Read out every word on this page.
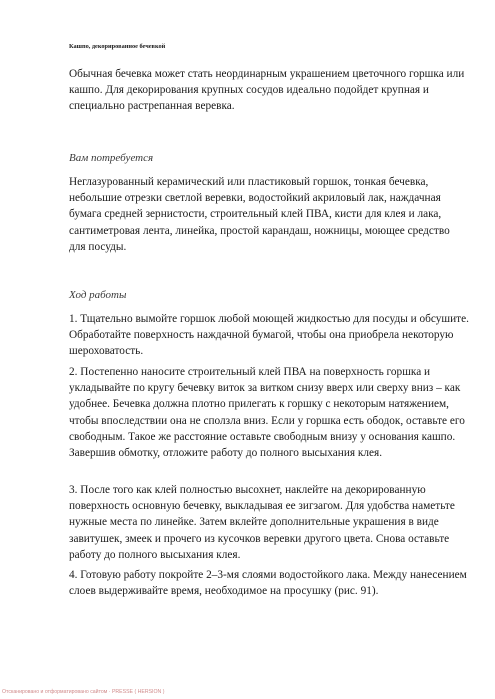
Кашпо, декорированное бечевкой

Обычная бечевка может стать неординарным украшением цветочного горшка или кашпо. Для декорирования крупных сосудов идеально подойдет крупная и специально растрепанная веревка.

Вам потребуется

Неглазурованный керамический или пластиковый горшок, тонкая бечевка, небольшие отрезки светлой веревки, водостойкий акриловый лак, наждачная бумага средней зернистости, строительный клей ПВА, кисти для клея и лака, сантиметровая лента, линейка, простой карандаш, ножницы, моющее средство для посуды.

Ход работы

1. Тщательно вымойте горшок любой моющей жидкостью для посуды и обсушите. Обработайте поверхность наждачной бумагой, чтобы она приобрела некоторую шероховатость.

2. Постепенно наносите строительный клей ПВА на поверхность горшка и укладывайте по кругу бечевку виток за витком снизу вверх или сверху вниз – как удобнее. Бечевка должна плотно прилегать к горшку с некоторым натяжением, чтобы впоследствии она не сползла вниз. Если у горшка есть ободок, оставьте его свободным. Такое же расстояние оставьте свободным внизу у основания кашпо. Завершив обмотку, отложите работу до полного высыхания клея.

3. После того как клей полностью высохнет, наклейте на декорированную поверхность основную бечевку, выкладывая ее зигзагом. Для удобства наметьте нужные места по линейке. Затем вклейте дополнительные украшения в виде завитушек, змеек и прочего из кусочков веревки другого цвета. Снова оставьте работу до полного высыхания клея.

4. Готовую работу покройте 2–3-мя слоями водостойкого лака. Между нанесением слоев выдерживайте время, необходимое на просушку (рис. 91).

Отсканировано и отформатировано сайтом · PRESSE ( HERSION )
